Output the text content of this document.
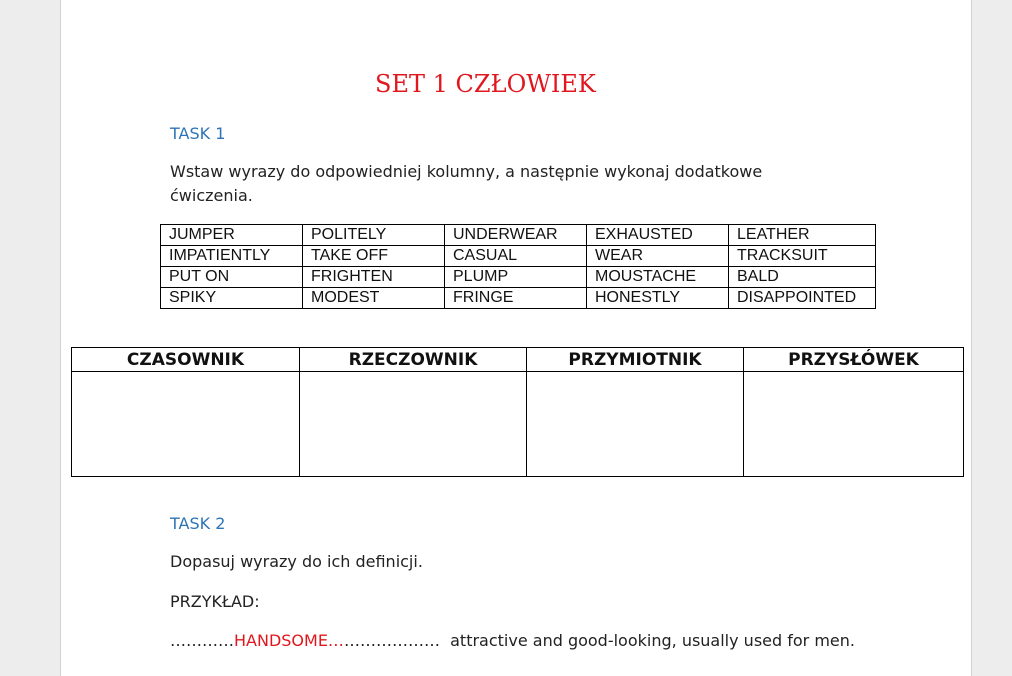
SET 1 CZŁOWIEK
TASK 1
Wstaw wyrazy do odpowiedniej kolumny, a następnie wykonaj dodatkowe
ćwiczenia.
JUMPER	POLITELY	UNDERWEAR	EXHAUSTED	LEATHER
IMPATIENTLY	TAKE OFF	CASUAL	WEAR	TRACKSUIT
PUT ON	FRIGHTEN	PLUMP	MOUSTACHE	BALD
SPIKY	MODEST	FRINGE	HONESTLY	DISAPPOINTED
CZASOWNIK	RZECZOWNIK	PRZYMIOTNIK	PRZYSŁÓWEK

TASK 2
Dopasuj wyrazy do ich definicji.
PRZYKŁAD:
…………HANDSOME…………………  attractive and good-looking, usually used for men.
